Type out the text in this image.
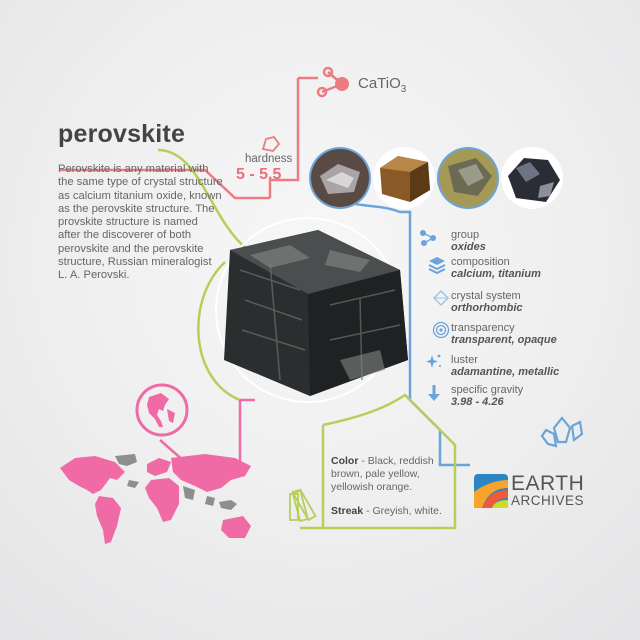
CaTiO$_3$
hardness
5 - 5.5
perovskite
Perovskite is any material with the same type of crystal structure as calcium titanium oxide, known as the perovskite structure. The provskite structure is named after the discoverer of both perovskite and the perovskite structure, Russian mineralogist L. A. Perovski.
group
oxides
composition
calcium, titanium
crystal system
orthorhombic
transparency
transparent, opaque
luster
adamantine, metallic
specific gravity
3.98 - 4.26
Color - Black, reddish brown, pale yellow, yellowish orange.
Streak - Greyish, white.
EARTH
ARCHIVES
